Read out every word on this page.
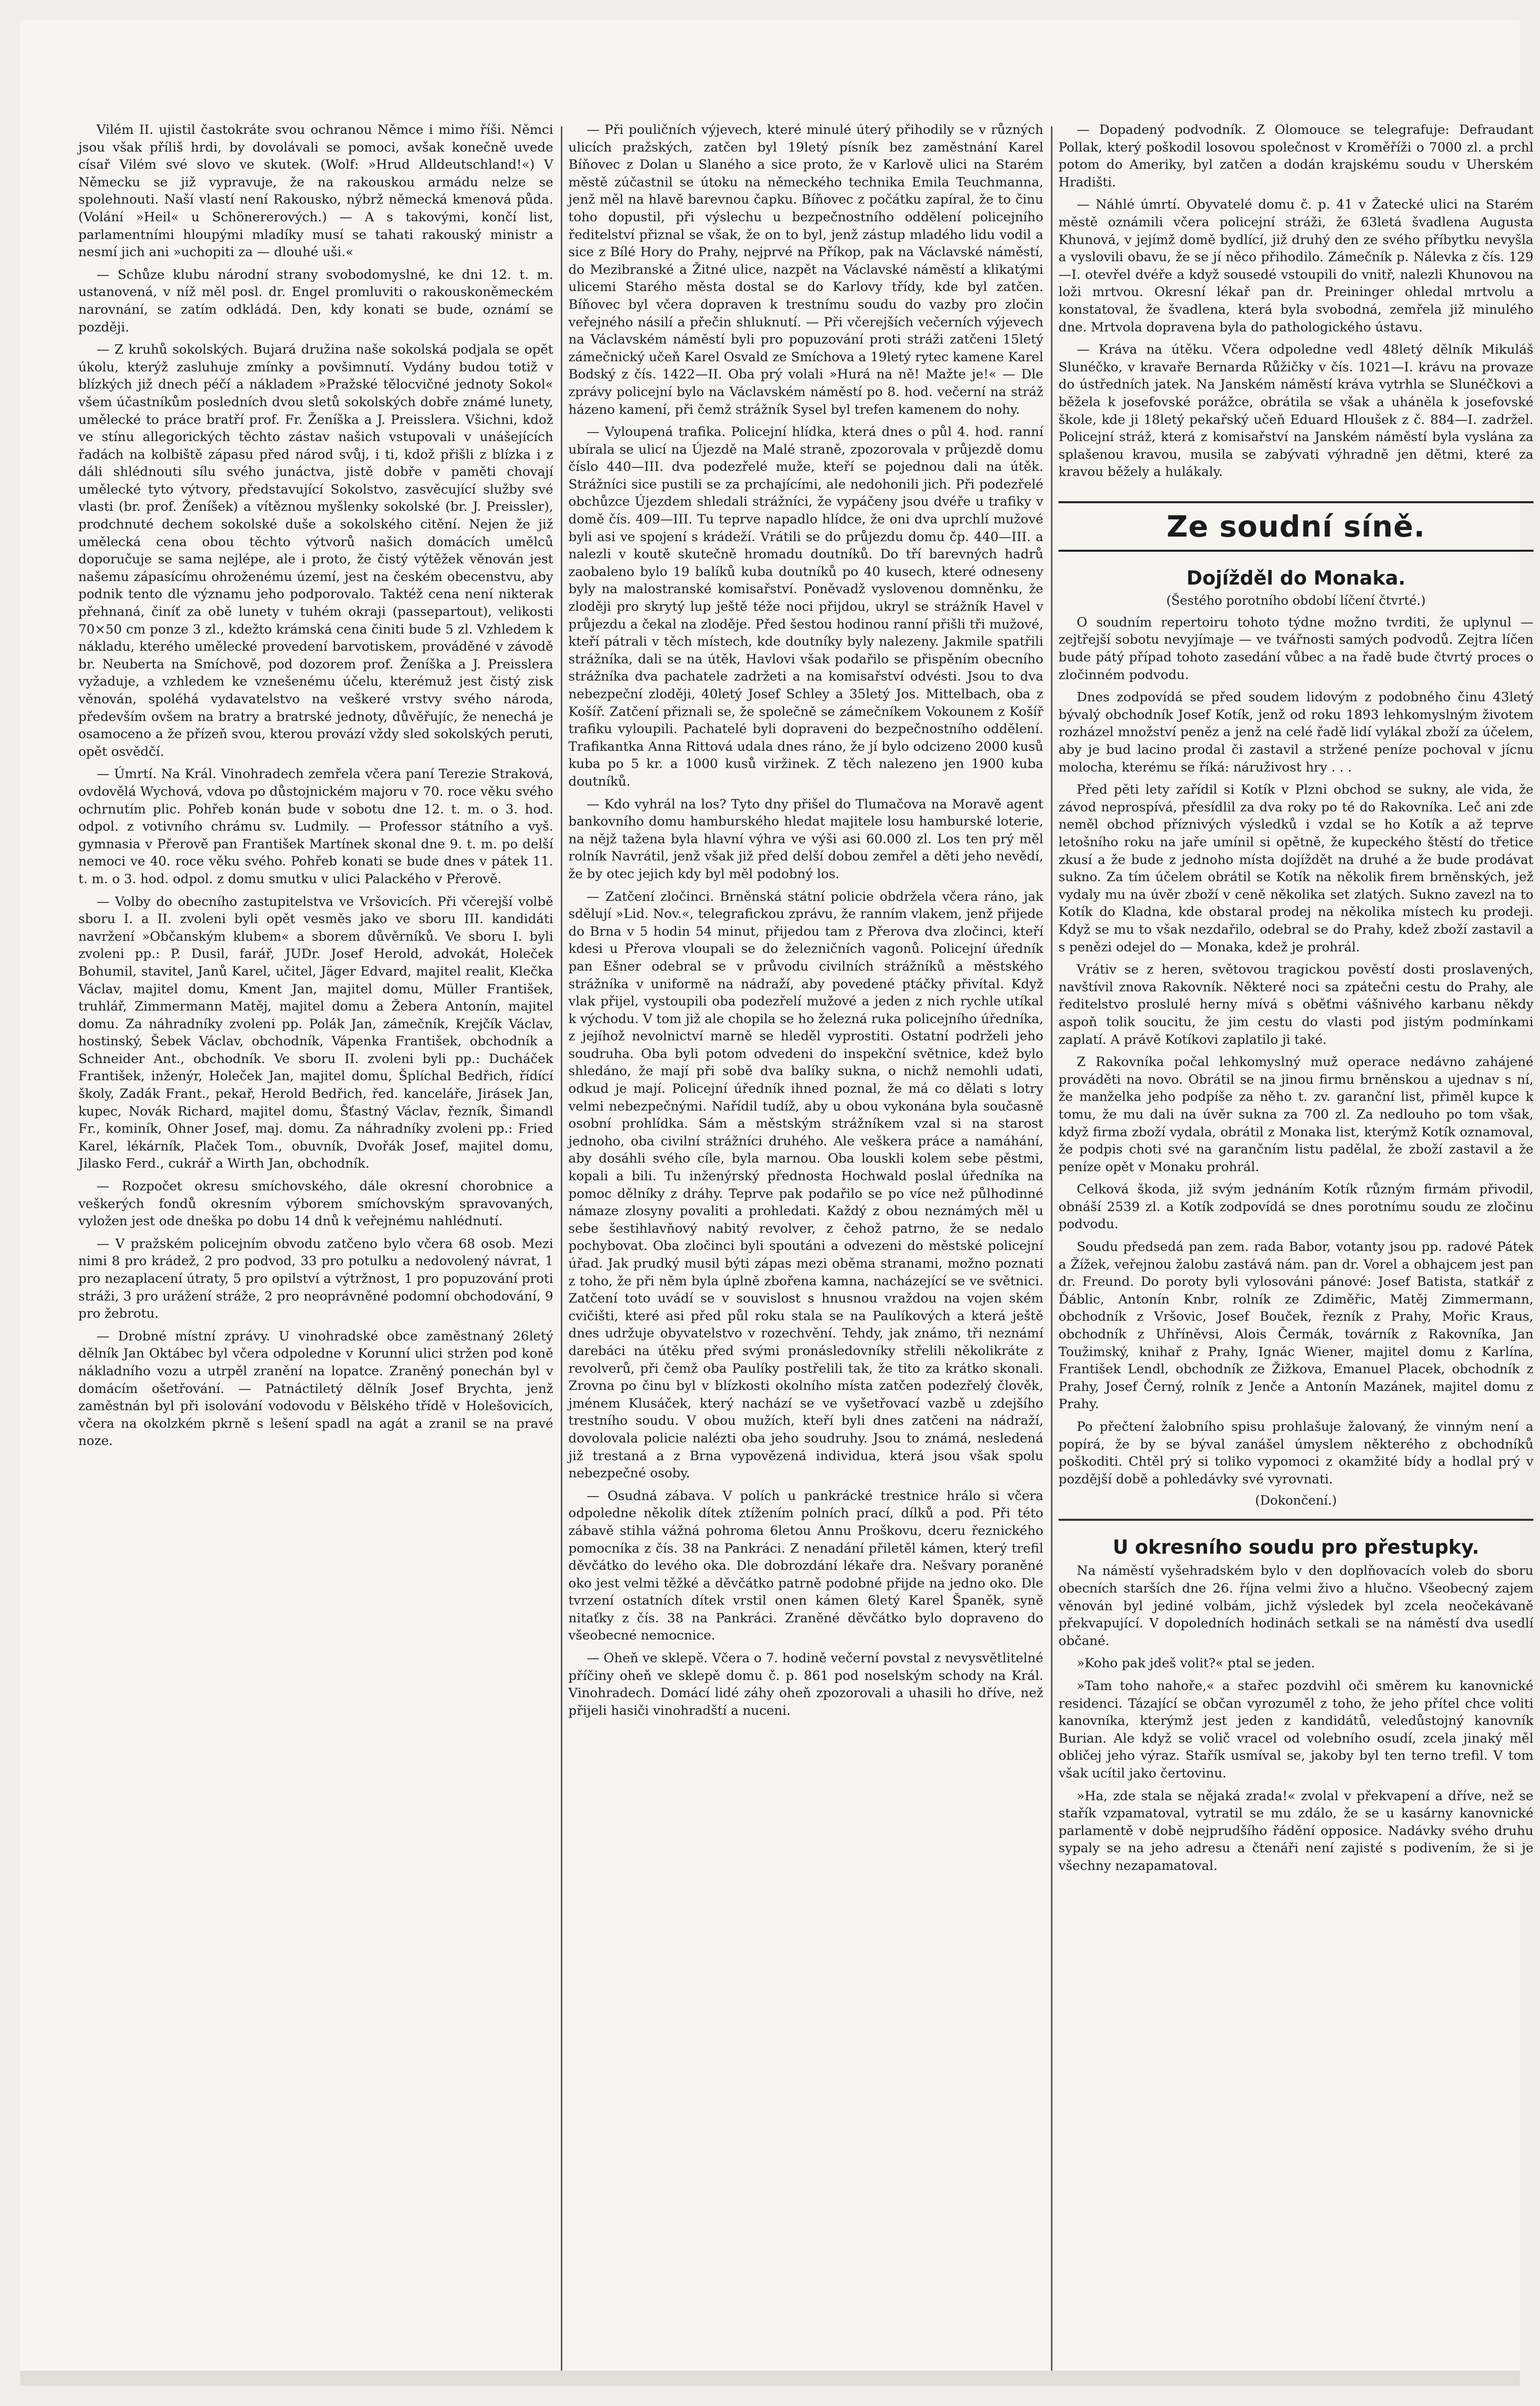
Vilém II. ujistil častokráte svou ochranou Němce i mimo říši. Němci jsou však příliš hrdi, by dovolávali se pomoci, avšak konečně uvede císař Vilém své slovo ve skutek. (Wolf: »Hrud Alldeutschland!«) V Německu se již vypravuje, že na rakouskou armádu nelze se spolehnouti. Naší vlastí není Rakousko, nýbrž německá kmenová půda. (Volání »Heil« u Schönererových.) — A s takovými, končí list, parlamentními hloupými mladíky musí se tahati rakouský ministr a nesmí jich ani »uchopiti za — dlouhé uši.«

— Schůze klubu národní strany svobodomyslné, ke dni 12. t. m. ustanovená, v níž měl posl. dr. Engel promluviti o rakouskoněmeckém narovnání, se zatím odkládá. Den, kdy konati se bude, oznámí se později.

— Z kruhů sokolských. Bujará družina naše sokolská podjala se opět úkolu, kterýž zasluhuje zmínky a povšimnutí. Vydány budou totiž v blízkých již dnech péčí a nákladem »Pražské tělocvičné jednoty Sokol« všem účastníkům posledních dvou sletů sokolských dobře známé lunety, umělecké to práce bratří prof. Fr. Ženíška a J. Preisslera. Všichni, kdož ve stínu allegorických těchto zástav našich vstupovali v unášejících řadách na kolbiště zápasu před národ svůj, i ti, kdož přišli z blízka i z dáli shlédnouti sílu svého junáctva, jistě dobře v paměti chovají umělecké tyto výtvory, představující Sokolstvo, zasvěcující služby své vlasti (br. prof. Ženíšek) a vítěznou myšlenky sokolské (br. J. Preissler), prodchnuté dechem sokolské duše a sokolského citění. Nejen že již umělecká cena obou těchto výtvorů našich domácích umělců doporučuje se sama nejlépe, ale i proto, že čistý výtěžek věnován jest našemu zápasícímu ohroženému území, jest na českém obecenstvu, aby podnik tento dle významu jeho podporovalo. Taktéž cena není nikterak přehnaná, činíť za obě lunety v tuhém okraji (passepartout), velikosti 70×50 cm ponze 3 zl., kdežto krámská cena činiti bude 5 zl. Vzhledem k nákladu, kterého umělecké provedení barvotiskem, prováděné v závodě br. Neuberta na Smíchově, pod dozorem prof. Ženíška a J. Preisslera vyžaduje, a vzhledem ke vznešenému účelu, kterémuž jest čistý zisk věnován, spoléhá vydavatelstvo na veškeré vrstvy svého národa, především ovšem na bratry a bratrské jednoty, důvěřujíc, že nenechá je osamoceno a že přízeň svou, kterou provází vždy sled sokolských peruti, opět osvědčí.

— Úmrtí. Na Král. Vinohradech zemřela včera paní Terezie Straková, ovdovělá Wychová, vdova po důstojnickém majoru v 70. roce věku svého ochrnutím plic. Pohřeb konán bude v sobotu dne 12. t. m. o 3. hod. odpol. z votivního chrámu sv. Ludmily. — Professor státního a vyš. gymnasia v Přerově pan František Martínek skonal dne 9. t. m. po delší nemoci ve 40. roce věku svého. Pohřeb konati se bude dnes v pátek 11. t. m. o 3. hod. odpol. z domu smutku v ulici Palackého v Přerově.

— Volby do obecního zastupitelstva ve Vršovicích. Při včerejší volbě sboru I. a II. zvoleni byli opět vesměs jako ve sboru III. kandidáti navržení »Občanským klubem« a sborem důvěrníků. Ve sboru I. byli zvoleni pp.: P. Dusil, farář, JUDr. Josef Herold, advokát, Holeček Bohumil, stavitel, Janů Karel, učitel, Jäger Edvard, majitel realit, Klečka Václav, majitel domu, Kment Jan, majitel domu, Müller František, truhlář, Zimmermann Matěj, majitel domu a Žebera Antonín, majitel domu. Za náhradníky zvoleni pp. Polák Jan, zámečník, Krejčík Václav, hostinský, Šebek Václav, obchodník, Vápenka František, obchodník a Schneider Ant., obchodník. Ve sboru II. zvoleni byli pp.: Ducháček František, inženýr, Holeček Jan, majitel domu, Šplíchal Bedřich, řídící školy, Zadák Frant., pekař, Herold Bedřich, řed. kanceláře, Jirásek Jan, kupec, Novák Richard, majitel domu, Šťastný Václav, řezník, Šimandl Fr., kominík, Ohner Josef, maj. domu. Za náhradníky zvoleni pp.: Fried Karel, lékárník, Plaček Tom., obuvník, Dvořák Josef, majitel domu, Jilasko Ferd., cukrář a Wirth Jan, obchodník.

— Rozpočet okresu smíchovského, dále okresní chorobnice a veškerých fondů okresním výborem smíchovským spravovaných, vyložen jest ode dneška po dobu 14 dnů k veřejnému nahlédnutí.

— V pražském policejním obvodu zatčeno bylo včera 68 osob. Mezi nimi 8 pro krádež, 2 pro podvod, 33 pro potulku a nedovolený návrat, 1 pro nezaplacení útraty, 5 pro opilství a výtržnost, 1 pro popuzování proti stráži, 3 pro urážení stráže, 2 pro neoprávněné podomní obchodování, 9 pro žebrotu.

— Drobné místní zprávy. U vinohradské obce zaměstnaný 26letý dělník Jan Oktábec byl včera odpoledne v Korunní ulici stržen pod koně nákladního vozu a utrpěl zranění na lopatce. Zraněný ponechán byl v domácím ošetřování. — Patnáctiletý dělník Josef Brychta, jenž zaměstnán byl při isolování vodovodu v Bělského třídě v Holešovicích, včera na okolzkém pkrně s lešení spadl na agát a zranil se na pravé noze.

— Při pouličních výjevech, které minulé úterý přihodily se v různých ulicích pražských, zatčen byl 19letý písník bez zaměstnání Karel Bíňovec z Dolan u Slaného a sice proto, že v Karlově ulici na Starém městě zúčastnil se útoku na německého technika Emila Teuchmanna, jenž měl na hlavě barevnou čapku. Bíňovec z počátku zapíral, že to činu toho dopustil, při výslechu u bezpečnostního oddělení policejního ředitelství přiznal se však, že on to byl, jenž zástup mladého lidu vodil a sice z Bílé Hory do Prahy, nejprvé na Příkop, pak na Václavské náměstí, do Mezibranské a Žitné ulice, nazpět na Václavské náměstí a klikatými ulicemi Starého města dostal se do Karlovy třídy, kde byl zatčen. Bíňovec byl včera dopraven k trestnímu soudu do vazby pro zločin veřejného násilí a přečin shluknutí. — Při včerejších večerních výjevech na Václavském náměstí byli pro popuzování proti stráži zatčeni 15letý zámečnický učeň Karel Osvald ze Smíchova a 19letý rytec kamene Karel Bodský z čís. 1422—II. Oba prý volali »Hurá na ně! Mažte je!« — Dle zprávy policejní bylo na Václavském náměstí po 8. hod. večerní na stráž házeno kamení, při čemž strážník Sysel byl trefen kamenem do nohy.

— Vyloupená trafika. Policejní hlídka, která dnes o půl 4. hod. ranní ubírala se ulicí na Újezdě na Malé straně, zpozorovala v průjezdě domu číslo 440—III. dva podezřelé muže, kteří se pojednou dali na útěk. Strážníci sice pustili se za prchajícími, ale nedohonili jich. Při podezřelé obchůzce Újezdem shledali strážníci, že vypáčeny jsou dvéře u trafiky v domě čís. 409—III. Tu teprve napadlo hlídce, že oni dva uprchlí mužové byli asi ve spojení s krádeží. Vrátili se do průjezdu domu čp. 440—III. a nalezli v koutě skutečně hromadu doutníků. Do tří barevných hadrů zaobaleno bylo 19 balíků kuba doutníků po 40 kusech, které odneseny byly na malostranské komisařství. Poněvadž vyslovenou domněnku, že zloději pro skrytý lup ještě téže noci přijdou, ukryl se strážník Havel v průjezdu a čekal na zloděje. Před šestou hodinou ranní přišli tři mužové, kteří pátrali v těch místech, kde doutníky byly nalezeny. Jakmile spatřili strážníka, dali se na útěk, Havlovi však podařilo se přispěním obecního strážníka dva pachatele zadržeti a na komisařství odvésti. Jsou to dva nebezpeční zloději, 40letý Josef Schley a 35letý Jos. Mittelbach, oba z Košíř. Zatčení přiznali se, že společně se zámečníkem Vokounem z Košíř trafiku vyloupili. Pachatelé byli dopraveni do bezpečnostního oddělení. Trafikantka Anna Rittová udala dnes ráno, že jí bylo odcizeno 2000 kusů kuba po 5 kr. a 1000 kusů viržinek. Z těch nalezeno jen 1900 kuba doutníků.

— Kdo vyhrál na los? Tyto dny přišel do Tlumačova na Moravě agent bankovního domu hamburského hledat majitele losu hamburské loterie, na nějž tažena byla hlavní výhra ve výši asi 60.000 zl. Los ten prý měl rolník Navrátil, jenž však již před delší dobou zemřel a děti jeho nevědí, že by otec jejich kdy byl měl podobný los.

— Zatčení zločinci. Brněnská státní policie obdržela včera ráno, jak sdělují »Lid. Nov.«, telegrafickou zprávu, že ranním vlakem, jenž přijede do Brna v 5 hodin 54 minut, přijedou tam z Přerova dva zločinci, kteří kdesi u Přerova vloupali se do železničních vagonů. Policejní úředník pan Ešner odebral se v průvodu civilních strážníků a městského strážníka v uniformě na nádraží, aby povedené ptáčky přivítal. Když vlak přijel, vystoupili oba podezřelí mužové a jeden z nich rychle utíkal k východu. V tom již ale chopila se ho železná ruka policejního úředníka, z jejíhož nevolnictví marně se hleděl vyprostiti. Ostatní podrželi jeho soudruha. Oba byli potom odvedeni do inspekční světnice, kdež bylo shledáno, že mají při sobě dva balíky sukna, o nichž nemohli udati, odkud je mají. Policejní úředník ihned poznal, že má co dělati s lotry velmi nebezpečnými. Nařídil tudíž, aby u obou vykonána byla současně osobní prohlídka. Sám a městským strážníkem vzal si na starost jednoho, oba civilní strážníci druhého. Ale veškera práce a namáhání, aby dosáhli svého cíle, byla marnou. Oba louskli kolem sebe pěstmi, kopali a bili. Tu inženýrský přednosta Hochwald poslal úředníka na pomoc dělníky z dráhy. Teprve pak podařilo se po více než půlhodinné námaze zlosyny povaliti a prohledati. Každý z obou neznámých měl u sebe šestihlavňový nabitý revolver, z čehož patrno, že se nedalo pochybovat. Oba zločinci byli spoutáni a odvezeni do městské policejní úřad. Jak prudký musil býti zápas mezi oběma stranami, možno poznati z toho, že při něm byla úplně zbořena kamna, nacházející se ve světnici. Zatčení toto uvádí se v souvislost s hnusnou vraždou na vojen ském cvičišti, které asi před půl roku stala se na Paulíkových a která ještě dnes udržuje obyvatelstvo v rozechvění. Tehdy, jak známo, tři neznámí darebáci na útěku před svými pronásledovníky střelili několikráte z revolverů, při čemž oba Paulíky postřelili tak, že tito za krátko skonali. Zrovna po činu byl v blízkosti okolního místa zatčen podezřelý člověk, jménem Klusáček, který nachází se ve vyšetřovací vazbě u zdejšího trestního soudu. V obou mužích, kteří byli dnes zatčeni na nádraží, dovolovala policie nalézti oba jeho soudruhy. Jsou to známá, nesledená již trestaná a z Brna vypovězená individua, která jsou však spolu nebezpečné osoby.

— Osudná zábava. V polích u pankrácké trestnice hrálo si včera odpoledne několik dítek ztížením polních prací, dílků a pod. Při této zábavě stihla vážná pohroma 6letou Annu Proškovu, dceru řeznického pomocníka z čís. 38 na Pankráci. Z nenadání přiletěl kámen, který trefil děvčátko do levého oka. Dle dobrozdání lékaře dra. Nešvary poraněné oko jest velmi těžké a děvčátko patrně podobné přijde na jedno oko. Dle tvrzení ostatních dítek vrstil onen kámen 6letý Karel Španěk, syně nitaťky z čís. 38 na Pankráci. Zraněné děvčátko bylo dopraveno do všeobecné nemocnice.

— Oheň ve sklepě. Včera o 7. hodině večerní povstal z nevysvětlitelné příčiny oheň ve sklepě domu č. p. 861 pod noselským schody na Král. Vinohradech. Domácí lidé záhy oheň zpozorovali a uhasili ho dříve, než přijeli hasiči vinohradští a nuceni.

— Dopadený podvodník. Z Olomouce se telegrafuje: Defraudant Pollak, který poškodil losovou společnost v Kroměříži o 7000 zl. a prchl potom do Ameriky, byl zatčen a dodán krajskému soudu v Uherském Hradišti.

— Náhlé úmrtí. Obyvatelé domu č. p. 41 v Žatecké ulici na Starém městě oznámili včera policejní stráži, že 63letá švadlena Augusta Khunová, v jejímž domě bydlící, již druhý den ze svého příbytku nevyšla a vyslovili obavu, že se jí něco přihodilo. Zámečník p. Nálevka z čís. 129—I. otevřel dvéře a když sousedé vstoupili do vnitř, nalezli Khunovou na loži mrtvou. Okresní lékař pan dr. Preininger ohledal mrtvolu a konstatoval, že švadlena, která byla svobodná, zemřela již minulého dne. Mrtvola dopravena byla do pathologického ústavu.

— Kráva na útěku. Včera odpoledne vedl 48letý dělník Mikuláš Slunéčko, v kravaře Bernarda Růžičky v čís. 1021—I. krávu na provaze do ústředních jatek. Na Janském náměstí kráva vytrhla se Slunéčkovi a běžela k josefovské porážce, obrátila se však a uháněla k josefovské škole, kde ji 18letý pekařský učeň Eduard Hloušek z č. 884—I. zadržel. Policejní stráž, která z komisařství na Janském náměstí byla vyslána za splašenou kravou, musila se zabývati výhradně jen dětmi, které za kravou běžely a hulákaly.

Ze soudní síně.
Dojížděl do Monaka.
(Šestého porotního období líčení čtvrté.)

O soudním repertoiru tohoto týdne možno tvrditi, že uplynul — zejtřejší sobotu nevyjímaje — ve tvářnosti samých podvodů. Zejtra líčen bude pátý případ tohoto zasedání vůbec a na řadě bude čtvrtý proces o zločinném podvodu.

Dnes zodpovídá se před soudem lidovým z podobného činu 43letý bývalý obchodník Josef Kotík, jenž od roku 1893 lehkomyslným životem rozházel množství peněz a jenž na celé řadě lidí vylákal zboží za účelem, aby je bud lacino prodal či zastavil a stržené peníze pochoval v jícnu molocha, kterému se říká: náruživost hry . . .

Před pěti lety zařídil si Kotík v Plzni obchod se sukny, ale vida, že závod neprospívá, přesídlil za dva roky po té do Rakovníka. Leč ani zde neměl obchod příznivých výsledků i vzdal se ho Kotík a až teprve letošního roku na jaře umínil si opětně, že kupeckého štěstí do třetice zkusí a že bude z jednoho místa dojíždět na druhé a že bude prodávat sukno. Za tím účelem obrátil se Kotík na několik firem brněnských, jež vydaly mu na úvěr zboží v ceně několika set zlatých. Sukno zavezl na to Kotík do Kladna, kde obstaral prodej na několika místech ku prodeji. Když se mu to však nezdařilo, odebral se do Prahy, kdež zboží zastavil a s penězi odejel do — Monaka, kdež je prohrál.

Vrátiv se z heren, světovou tragickou pověstí dosti proslavených, navštívil znova Rakovník. Některé noci sa zpátečni cestu do Prahy, ale ředitelstvo proslulé herny mívá s oběťmi vášnivého karbanu někdy aspoň tolik soucitu, že jim cestu do vlasti pod jistým podmínkami zaplatí. A právě Kotíkovi zaplatilo ji také.

Z Rakovníka počal lehkomyslný muž operace nedávno zahájené prováděti na novo. Obrátil se na jinou firmu brněnskou a ujednav s ní, že manželka jeho podpíše za něho t. zv. garanční list, přiměl kupce k tomu, že mu dali na úvěr sukna za 700 zl. Za nedlouho po tom však, když firma zboží vydala, obrátil z Monaka list, kterýmž Kotík oznamoval, že podpis choti své na garančním listu padělal, že zboží zastavil a že peníze opět v Monaku prohrál.

Celková škoda, již svým jednáním Kotík různým firmám přivodil, obnáší 2539 zl. a Kotík zodpovídá se dnes porotnímu soudu ze zločinu podvodu.

Soudu předsedá pan zem. rada Babor, votanty jsou pp. radové Pátek a Žížek, veřejnou žalobu zastává nám. pan dr. Vorel a obhajcem jest pan dr. Freund. Do poroty byli vylosováni pánové: Josef Batista, statkář z Ďáblic, Antonín Knbr, rolník ze Zdiměřic, Matěj Zimmermann, obchodník z Vršovic, Josef Bouček, řezník z Prahy, Mořic Kraus, obchodník z Uhříněvsi, Alois Čermák, továrník z Rakovníka, Jan Toužimský, knihař z Prahy, Ignác Wiener, majitel domu z Karlína, František Lendl, obchodník ze Žižkova, Emanuel Placek, obchodník z Prahy, Josef Černý, rolník z Jenče a Antonín Mazánek, majitel domu z Prahy.

Po přečtení žalobního spisu prohlašuje žalovaný, že vinným není a popírá, že by se býval zanášel úmyslem některého z obchodníků poškoditi. Chtěl prý si toliko vypomoci z okamžité bídy a hodlal prý v pozdější době a pohledávky své vyrovnati.

(Dokončení.)
U okresního soudu pro přestupky.

Na náměstí vyšehradském bylo v den doplňovacích voleb do sboru obecních starších dne 26. října velmi živo a hlučno. Všeobecný zajem věnován byl jediné volbám, jichž výsledek byl zcela neočekávaně překvapující. V dopoledních hodinách setkali se na náměstí dva usedlí občané.

»Koho pak jdeš volit?« ptal se jeden.

»Tam toho nahoře,« a stařec pozdvihl oči směrem ku kanovnické residenci. Tázající se občan vyrozuměl z toho, že jeho přítel chce voliti kanovníka, kterýmž jest jeden z kandidátů, veledůstojný kanovník Burian. Ale když se volič vracel od volebního osudí, zcela jinaký měl obličej jeho výraz. Stařík usmíval se, jakoby byl ten terno trefil. V tom však ucítil jako čertovinu.

»Ha, zde stala se nějaká zrada!« zvolal v překvapení a dříve, než se stařík vzpamatoval, vytratil se mu zdálo, že se u kasárny kanovnické parlamentě v době nejprudšího řádění opposice. Nadávky svého druhu sypaly se na jeho adresu a čtenáři není zajisté s podivením, že si je všechny nezapamatoval.
